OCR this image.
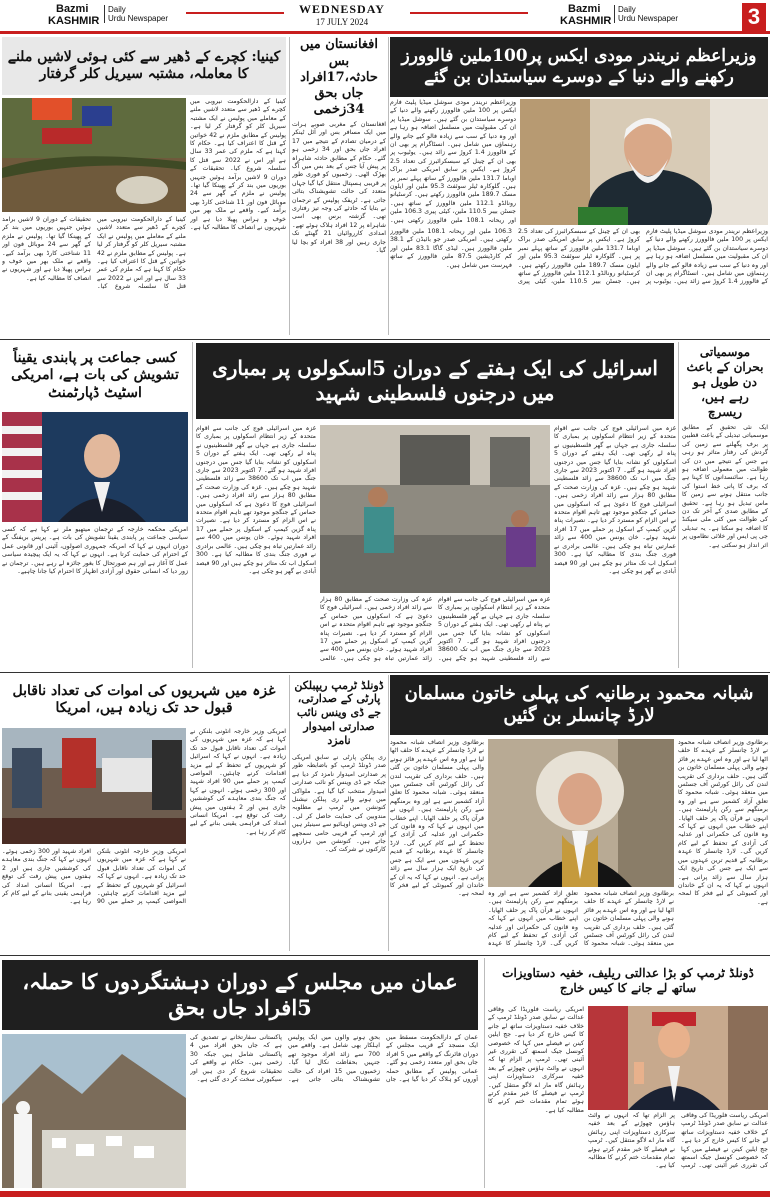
Bazmi
KASHMIR
Daily
Urdu Newspaper
WEDNESDAY
17 JULY 2024
Bazmi
KASHMIR
Daily
Urdu Newspaper	3
وزیراعظم نریندر مودی ایکس پر100ملین فالوورز رکھنے والے دنیا کے دوسرے سیاستدان بن گئے
وزیراعظم نریندر مودی سوشل میڈیا پلیٹ فارم ایکس پر 100 ملین فالوورز رکھنے والے دنیا کے دوسرے سیاستدان بن گئے ہیں۔ سوشل میڈیا پر ان کی مقبولیت میں مسلسل اضافہ ہو رہا ہے اور وہ دنیا کے سب سے زیادہ فالو کیے جانے والے رہنماؤں میں شامل ہیں۔ انسٹاگرام پر بھی ان کے فالوورز 1.4 کروڑ سے زائد ہیں۔ یوٹیوب پر بھی ان کے چینل کے سبسکرائبرز کی تعداد 2.5 کروڑ ہے۔ ایکس پر سابق امریکی صدر براک اوباما 131.7 ملین فالوورز کے ساتھ پہلے نمبر پر ہیں۔ گلوکارہ ٹیلر سوئفٹ 95.3 ملین اور ایلون مسک 189.7 ملین فالوورز رکھتے ہیں۔ کرسٹیانو رونالڈو 112.1 ملین فالوورز کے ساتھ ہیں۔ جسٹن بیبر 110.5 ملین، کیٹی پیری 106.3 ملین اور ریحانہ 108.1 ملین فالوورز رکھتی ہیں۔
وزیراعظم نریندر مودی سوشل میڈیا پلیٹ فارم ایکس پر 100 ملین فالوورز رکھنے والے دنیا کے دوسرے سیاستدان بن گئے ہیں۔ سوشل میڈیا پر ان کی مقبولیت میں مسلسل اضافہ ہو رہا ہے اور وہ دنیا کے سب سے زیادہ فالو کیے جانے والے رہنماؤں میں شامل ہیں۔ انسٹاگرام پر بھی ان کے فالوورز 1.4 کروڑ سے زائد ہیں۔ یوٹیوب پر بھی ان کے چینل کے سبسکرائبرز کی تعداد 2.5 کروڑ ہے۔ ایکس پر سابق امریکی صدر براک اوباما 131.7 ملین فالوورز کے ساتھ پہلے نمبر پر ہیں۔ گلوکارہ ٹیلر سوئفٹ 95.3 ملین اور ایلون مسک 189.7 ملین فالوورز رکھتے ہیں۔ کرسٹیانو رونالڈو 112.1 ملین فالوورز کے ساتھ ہیں۔ جسٹن بیبر 110.5 ملین، کیٹی پیری 106.3 ملین اور ریحانہ 108.1 ملین فالوورز رکھتی ہیں۔ امریکی صدر جو بائیڈن کے 38.1 ملین فالوورز ہیں۔ لیڈی گاگا 83.1 ملین اور کم کارڈیشین 87.5 ملین فالوورز کے ساتھ فہرست میں شامل ہیں۔
افغانستان میں بس حادثہ،17افراد جاں بحق 34زخمی
افغانستان کے مغربی صوبے ہرات میں ایک مسافر بس اور آئل ٹینکر کے درمیان تصادم کے نتیجے میں 17 افراد جاں بحق اور 34 زخمی ہو گئے۔ حکام کے مطابق حادثہ شاہراہ پر پیش آیا جس کے بعد بس میں آگ بھڑک اٹھی۔ زخمیوں کو فوری طور پر قریبی ہسپتال منتقل کیا گیا جہاں متعدد کی حالت تشویشناک بتائی جاتی ہے۔ ٹریفک پولیس کے ترجمان نے بتایا کہ حادثے کی وجہ تیز رفتاری تھی۔ گزشتہ برس بھی اسی شاہراہ پر 12 افراد ہلاک ہوئے تھے۔ امدادی کارروائیاں 21 گھنٹے تک جاری رہیں اور 38 افراد کو بچا لیا گیا۔
کینیا: کچرے کے ڈھیر سے کئی ہوئی لاشیں ملنے کا معاملہ، مشتبہ سیریل کلر گرفتار
کینیا کے دارالحکومت نیروبی میں کچرے کے ڈھیر سے متعدد لاشیں ملنے کے معاملے میں پولیس نے ایک مشتبہ سیریل کلر کو گرفتار کر لیا ہے۔ پولیس کے مطابق ملزم نے 42 خواتین کے قتل کا اعتراف کیا ہے۔ حکام کا کہنا ہے کہ ملزم کی عمر 33 سال ہے اور اس نے 2022 سے قتل کا سلسلہ شروع کیا۔ تحقیقات کے دوران 9 لاشیں برآمد ہوئیں جنہیں بوریوں میں بند کر کے پھینکا گیا تھا۔ پولیس نے ملزم کے گھر سے 24 موبائل فون اور 11 شناختی کارڈ بھی برآمد کیے۔ واقعے نے ملک بھر میں خوف و ہراس پھیلا دیا ہے اور شہریوں نے انصاف کا مطالبہ کیا ہے۔
کینیا کے دارالحکومت نیروبی میں کچرے کے ڈھیر سے متعدد لاشیں ملنے کے معاملے میں پولیس نے ایک مشتبہ سیریل کلر کو گرفتار کر لیا ہے۔ پولیس کے مطابق ملزم نے 42 خواتین کے قتل کا اعتراف کیا ہے۔ حکام کا کہنا ہے کہ ملزم کی عمر 33 سال ہے اور اس نے 2022 سے قتل کا سلسلہ شروع کیا۔ تحقیقات کے دوران 9 لاشیں برآمد ہوئیں جنہیں بوریوں میں بند کر کے پھینکا گیا تھا۔ پولیس نے ملزم کے گھر سے 24 موبائل فون اور 11 شناختی کارڈ بھی برآمد کیے۔ واقعے نے ملک بھر میں خوف و ہراس پھیلا دیا ہے اور شہریوں نے انصاف کا مطالبہ کیا ہے۔
موسمیاتی بحران کے باعث دن طویل ہو رہے ہیں، ریسرچ
ایک نئی تحقیق کے مطابق موسمیاتی تبدیلی کے باعث قطبین پر برف پگھلنے سے زمین کی گردش کی رفتار متاثر ہو رہی ہے جس کے نتیجے میں دن کی طوالت میں معمولی اضافہ ہو رہا ہے۔ سائنسدانوں کا کہنا ہے کہ برف کا پانی خط استوا کی جانب منتقل ہونے سے زمین کا ماس تبدیل ہو رہا ہے۔ تحقیق کے مطابق صدی کے آخر تک دن کی طوالت میں کئی ملی سیکنڈ کا اضافہ ہو سکتا ہے۔ یہ تبدیلی جی پی ایس اور خلائی نظاموں پر اثر انداز ہو سکتی ہے۔
اسرائیل کی ایک ہفتے کے دوران 5اسکولوں پر بمباری میں درجنوں فلسطینی شہید
غزہ میں اسرائیلی فوج کی جانب سے اقوام متحدہ کے زیر انتظام اسکولوں پر بمباری کا سلسلہ جاری ہے جہاں بے گھر فلسطینیوں نے پناہ لے رکھی تھی۔ ایک ہفتے کے دوران 5 اسکولوں کو نشانہ بنایا گیا جس میں درجنوں افراد شہید ہو گئے۔ 7 اکتوبر 2023 سے جاری جنگ میں اب تک 38600 سے زائد فلسطینی شہید ہو چکے ہیں۔ غزہ کی وزارت صحت کے مطابق 80 ہزار سے زائد افراد زخمی ہیں۔ اسرائیلی فوج کا دعویٰ ہے کہ اسکولوں میں حماس کے جنگجو موجود تھے تاہم اقوام متحدہ نے اس الزام کو مسترد کر دیا ہے۔ نصیرات پناہ گزین کیمپ کے اسکول پر حملے میں 17 افراد شہید ہوئے۔ خان یونس میں 400 سے زائد عمارتیں تباہ ہو چکی ہیں۔ عالمی برادری نے فوری جنگ بندی کا مطالبہ کیا ہے۔ 300 اسکول اب تک متاثر ہو چکے ہیں اور 90 فیصد آبادی بے گھر ہو چکی ہے۔
غزہ میں اسرائیلی فوج کی جانب سے اقوام متحدہ کے زیر انتظام اسکولوں پر بمباری کا سلسلہ جاری ہے جہاں بے گھر فلسطینیوں نے پناہ لے رکھی تھی۔ ایک ہفتے کے دوران 5 اسکولوں کو نشانہ بنایا گیا جس میں درجنوں افراد شہید ہو گئے۔ 7 اکتوبر 2023 سے جاری جنگ میں اب تک 38600 سے زائد فلسطینی شہید ہو چکے ہیں۔ غزہ کی وزارت صحت کے مطابق 80 ہزار سے زائد افراد زخمی ہیں۔ اسرائیلی فوج کا دعویٰ ہے کہ اسکولوں میں حماس کے جنگجو موجود تھے تاہم اقوام متحدہ نے اس الزام کو مسترد کر دیا ہے۔ نصیرات پناہ گزین کیمپ کے اسکول پر حملے میں 17 افراد شہید ہوئے۔ خان یونس میں 400 سے زائد عمارتیں تباہ ہو چکی ہیں۔ عالمی برادری نے فوری جنگ بندی کا مطالبہ کیا ہے۔ 300 اسکول اب تک متاثر ہو چکے ہیں اور 90 فیصد آبادی بے گھر ہو چکی ہے۔
غزہ میں اسرائیلی فوج کی جانب سے اقوام متحدہ کے زیر انتظام اسکولوں پر بمباری کا سلسلہ جاری ہے جہاں بے گھر فلسطینیوں نے پناہ لے رکھی تھی۔ ایک ہفتے کے دوران 5 اسکولوں کو نشانہ بنایا گیا جس میں درجنوں افراد شہید ہو گئے۔ 7 اکتوبر 2023 سے جاری جنگ میں اب تک 38600 سے زائد فلسطینی شہید ہو چکے ہیں۔ غزہ کی وزارت صحت کے مطابق 80 ہزار سے زائد افراد زخمی ہیں۔ اسرائیلی فوج کا دعویٰ ہے کہ اسکولوں میں حماس کے جنگجو موجود تھے تاہم اقوام متحدہ نے اس الزام کو مسترد کر دیا ہے۔ نصیرات پناہ گزین کیمپ کے اسکول پر حملے میں 17 افراد شہید ہوئے۔ خان یونس میں 400 سے زائد عمارتیں تباہ ہو چکی ہیں۔ عالمی
کسی جماعت پر پابندی یقیناً تشویش کی بات ہے، امریکی اسٹیٹ ڈپارٹمنٹ
امریکی محکمہ خارجہ کے ترجمان میتھیو ملر نے کہا ہے کہ کسی سیاسی جماعت پر پابندی یقیناً تشویش کی بات ہے۔ پریس بریفنگ کے دوران انہوں نے کہا کہ امریکہ جمہوری اصولوں، آئینی اور قانونی عمل کے احترام کی حمایت کرتا ہے۔ انہوں نے کہا کہ یہ ایک پیچیدہ سیاسی عمل کا آغاز ہے اور ہم صورتحال کا بغور جائزہ لے رہے ہیں۔ ترجمان نے زور دیا کہ انسانی حقوق اور آزادی اظہار کا احترام کیا جانا چاہیے۔
شبانہ محمود برطانیہ کی پہلی خاتون مسلمان لارڈ چانسلر بن گئیں
برطانوی وزیر انصاف شبانہ محمود نے لارڈ چانسلر کے عہدے کا حلف اٹھا لیا ہے اور وہ اس عہدے پر فائز ہونے والی پہلی مسلمان خاتون بن گئی ہیں۔ حلف برداری کی تقریب لندن کی رائل کورٹس آف جسٹس میں منعقد ہوئی۔ شبانہ محمود کا تعلق آزاد کشمیر سے ہے اور وہ برمنگھم سے رکن پارلیمنٹ ہیں۔ انہوں نے قرآن پاک پر حلف اٹھایا۔ اپنے خطاب میں انہوں نے کہا کہ وہ قانون کی حکمرانی اور عدلیہ کی آزادی کے تحفظ کے لیے کام کریں گی۔ لارڈ چانسلر کا عہدہ برطانیہ کے قدیم ترین عہدوں میں سے ایک ہے جس کی تاریخ ایک ہزار سال سے زائد پرانی ہے۔ انہوں نے کہا کہ یہ ان کے خاندان اور کمیونٹی کے لیے فخر کا لمحہ ہے۔
برطانوی وزیر انصاف شبانہ محمود نے لارڈ چانسلر کے عہدے کا حلف اٹھا لیا ہے اور وہ اس عہدے پر فائز ہونے والی پہلی مسلمان خاتون بن گئی ہیں۔ حلف برداری کی تقریب لندن کی رائل کورٹس آف جسٹس میں منعقد ہوئی۔ شبانہ محمود کا تعلق آزاد کشمیر سے ہے اور وہ برمنگھم سے رکن پارلیمنٹ ہیں۔ انہوں نے قرآن پاک پر حلف اٹھایا۔ اپنے خطاب میں انہوں نے کہا کہ وہ قانون کی حکمرانی اور عدلیہ کی آزادی کے تحفظ کے لیے کام کریں گی۔ لارڈ چانسلر کا عہدہ برطانیہ کے قدیم ترین عہدوں میں سے ایک ہے جس کی تاریخ ایک ہزار سال سے زائد پرانی ہے۔ انہوں نے کہا کہ یہ ان کے خاندان اور کمیونٹی کے لیے فخر کا لمحہ ہے۔	برطانوی وزیر انصاف شبانہ محمود نے لارڈ چانسلر کے عہدے کا حلف اٹھا لیا ہے اور وہ اس عہدے پر فائز ہونے والی پہلی مسلمان خاتون بن گئی ہیں۔ حلف برداری کی تقریب لندن کی رائل کورٹس آف جسٹس میں منعقد ہوئی۔ شبانہ محمود کا تعلق آزاد کشمیر سے ہے اور وہ برمنگھم سے رکن پارلیمنٹ ہیں۔ انہوں نے قرآن پاک پر حلف اٹھایا۔ اپنے خطاب میں انہوں نے کہا کہ وہ قانون کی حکمرانی اور عدلیہ کی آزادی کے تحفظ کے لیے کام کریں گی۔ لارڈ چانسلر کا عہدہ
ڈونلڈ ٹرمپ ریپبلکن پارٹی کے صدارتی، جے ڈی وینس نائب صدارتی امیدوار نامزد
ری پبلکن پارٹی نے سابق امریکی صدر ڈونلڈ ٹرمپ کو باضابطہ طور پر صدارتی امیدوار نامزد کر دیا ہے جبکہ جے ڈی وینس کو نائب صدارتی امیدوار منتخب کیا گیا ہے۔ ملواکی میں ہونے والے ری پبلکن نیشنل کنونشن میں ٹرمپ نے مطلوبہ مندوبین کی حمایت حاصل کر لی۔ جے ڈی وینس اوہائیو سے سینیٹر ہیں اور ٹرمپ کے قریبی حامی سمجھے جاتے ہیں۔ کنونشن میں ہزاروں کارکنوں نے شرکت کی۔
غزہ میں شہریوں کی اموات کی تعداد ناقابل قبول حد تک زیادہ ہیں، امریکا
امریکی وزیر خارجہ انٹونی بلنکن نے کہا ہے کہ غزہ میں شہریوں کی اموات کی تعداد ناقابل قبول حد تک زیادہ ہے۔ انہوں نے کہا کہ اسرائیل کو شہریوں کے تحفظ کے لیے مزید اقدامات کرنے چاہئیں۔ المواصی کیمپ پر حملے میں 90 افراد شہید اور 300 زخمی ہوئے۔ انہوں نے کہا کہ جنگ بندی معاہدے کی کوششیں جاری ہیں اور 2 ہفتوں میں پیش رفت کی توقع ہے۔ امریکا انسانی امداد کی فراہمی یقینی بنانے کے لیے کام کر رہا ہے۔
امریکی وزیر خارجہ انٹونی بلنکن نے کہا ہے کہ غزہ میں شہریوں کی اموات کی تعداد ناقابل قبول حد تک زیادہ ہے۔ انہوں نے کہا کہ اسرائیل کو شہریوں کے تحفظ کے لیے مزید اقدامات کرنے چاہئیں۔ المواصی کیمپ پر حملے میں 90 افراد شہید اور 300 زخمی ہوئے۔ انہوں نے کہا کہ جنگ بندی معاہدے کی کوششیں جاری ہیں اور 2 ہفتوں میں پیش رفت کی توقع ہے۔ امریکا انسانی امداد کی فراہمی یقینی بنانے کے لیے کام کر رہا ہے۔
ڈونلڈ ٹرمپ کو بڑا عدالتی ریلیف، خفیہ دستاویزات ساتھ لے جانے کا کیس خارج
امریکی ریاست فلوریڈا کی وفاقی عدالت نے سابق صدر ڈونلڈ ٹرمپ کے خلاف خفیہ دستاویزات ساتھ لے جانے کا کیس خارج کر دیا ہے۔ جج ایلین کینن نے فیصلے میں کہا کہ خصوصی کونسل جیک اسمتھ کی تقرری غیر آئینی تھی۔ ٹرمپ پر الزام تھا کہ انہوں نے وائٹ ہاؤس چھوڑنے کے بعد خفیہ سرکاری دستاویزات اپنی رہائش گاہ مار اے لاگو منتقل کیں۔ ٹرمپ نے فیصلے کا خیر مقدم کرتے ہوئے تمام مقدمات ختم کرنے کا مطالبہ کیا ہے۔
امریکی ریاست فلوریڈا کی وفاقی عدالت نے سابق صدر ڈونلڈ ٹرمپ کے خلاف خفیہ دستاویزات ساتھ لے جانے کا کیس خارج کر دیا ہے۔ جج ایلین کینن نے فیصلے میں کہا کہ خصوصی کونسل جیک اسمتھ کی تقرری غیر آئینی تھی۔ ٹرمپ پر الزام تھا کہ انہوں نے وائٹ ہاؤس چھوڑنے کے بعد خفیہ سرکاری دستاویزات اپنی رہائش گاہ مار اے لاگو منتقل کیں۔ ٹرمپ نے فیصلے کا خیر مقدم کرتے ہوئے تمام مقدمات ختم کرنے کا مطالبہ کیا ہے۔
عمان میں مجلس کے دوران دہشتگردوں کا حملہ، 5افراد جاں بحق
عمان کے دارالحکومت مسقط میں ایک مسجد کے قریب مجلس کے دوران فائرنگ کے واقعے میں 5 افراد جاں بحق اور متعدد زخمی ہو گئے۔ عمانی پولیس کے مطابق حملہ آوروں کو ہلاک کر دیا گیا ہے۔ جاں بحق ہونے والوں میں ایک پولیس اہلکار بھی شامل ہے۔ واقعے میں 700 سے زائد افراد موجود تھے جنہیں بحفاظت نکال لیا گیا۔ زخمیوں میں 15 افراد کی حالت تشویشناک بتائی جاتی ہے۔ پاکستانی سفارتخانے نے تصدیق کی ہے کہ جاں بحق افراد میں 4 پاکستانی شامل ہیں جبکہ 30 زخمی ہیں۔ حکام نے واقعے کی تحقیقات شروع کر دی ہیں اور سیکیورٹی سخت کر دی گئی ہے۔
